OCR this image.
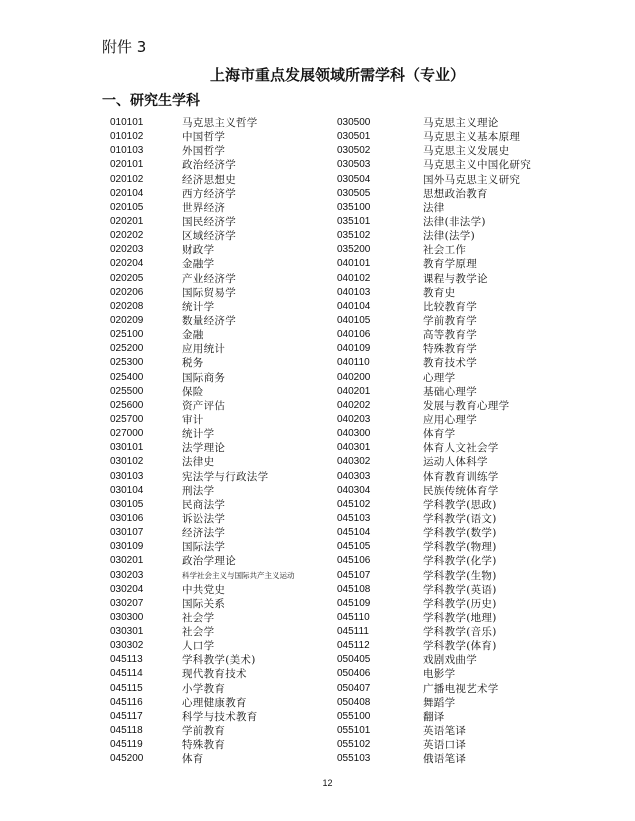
附件 3
上海市重点发展领域所需学科（专业）
一、研究生学科
010101	马克思主义哲学
010102	中国哲学
010103	外国哲学
020101	政治经济学
020102	经济思想史
020104	西方经济学
020105	世界经济
020201	国民经济学
020202	区域经济学
020203	财政学
020204	金融学
020205	产业经济学
020206	国际贸易学
020208	统计学
020209	数量经济学
025100	金融
025200	应用统计
025300	税务
025400	国际商务
025500	保险
025600	资产评估
025700	审计
027000	统计学
030101	法学理论
030102	法律史
030103	宪法学与行政法学
030104	刑法学
030105	民商法学
030106	诉讼法学
030107	经济法学
030109	国际法学
030201	政治学理论
030203	科学社会主义与国际共产主义运动
030204	中共党史
030207	国际关系
030300	社会学
030301	社会学
030302	人口学
045113	学科教学(美术)
045114	现代教育技术
045115	小学教育
045116	心理健康教育
045117	科学与技术教育
045118	学前教育
045119	特殊教育
045200	体育
030500	马克思主义理论
030501	马克思主义基本原理
030502	马克思主义发展史
030503	马克思主义中国化研究
030504	国外马克思主义研究
030505	思想政治教育
035100	法律
035101	法律(非法学)
035102	法律(法学)
035200	社会工作
040101	教育学原理
040102	课程与教学论
040103	教育史
040104	比较教育学
040105	学前教育学
040106	高等教育学
040109	特殊教育学
040110	教育技术学
040200	心理学
040201	基础心理学
040202	发展与教育心理学
040203	应用心理学
040300	体育学
040301	体育人文社会学
040302	运动人体科学
040303	体育教育训练学
040304	民族传统体育学
045102	学科教学(思政)
045103	学科教学(语文)
045104	学科教学(数学)
045105	学科教学(物理)
045106	学科教学(化学)
045107	学科教学(生物)
045108	学科教学(英语)
045109	学科教学(历史)
045110	学科教学(地理)
045111	学科教学(音乐)
045112	学科教学(体育)
050405	戏剧戏曲学
050406	电影学
050407	广播电视艺术学
050408	舞蹈学
055100	翻译
055101	英语笔译
055102	英语口译
055103	俄语笔译
12
